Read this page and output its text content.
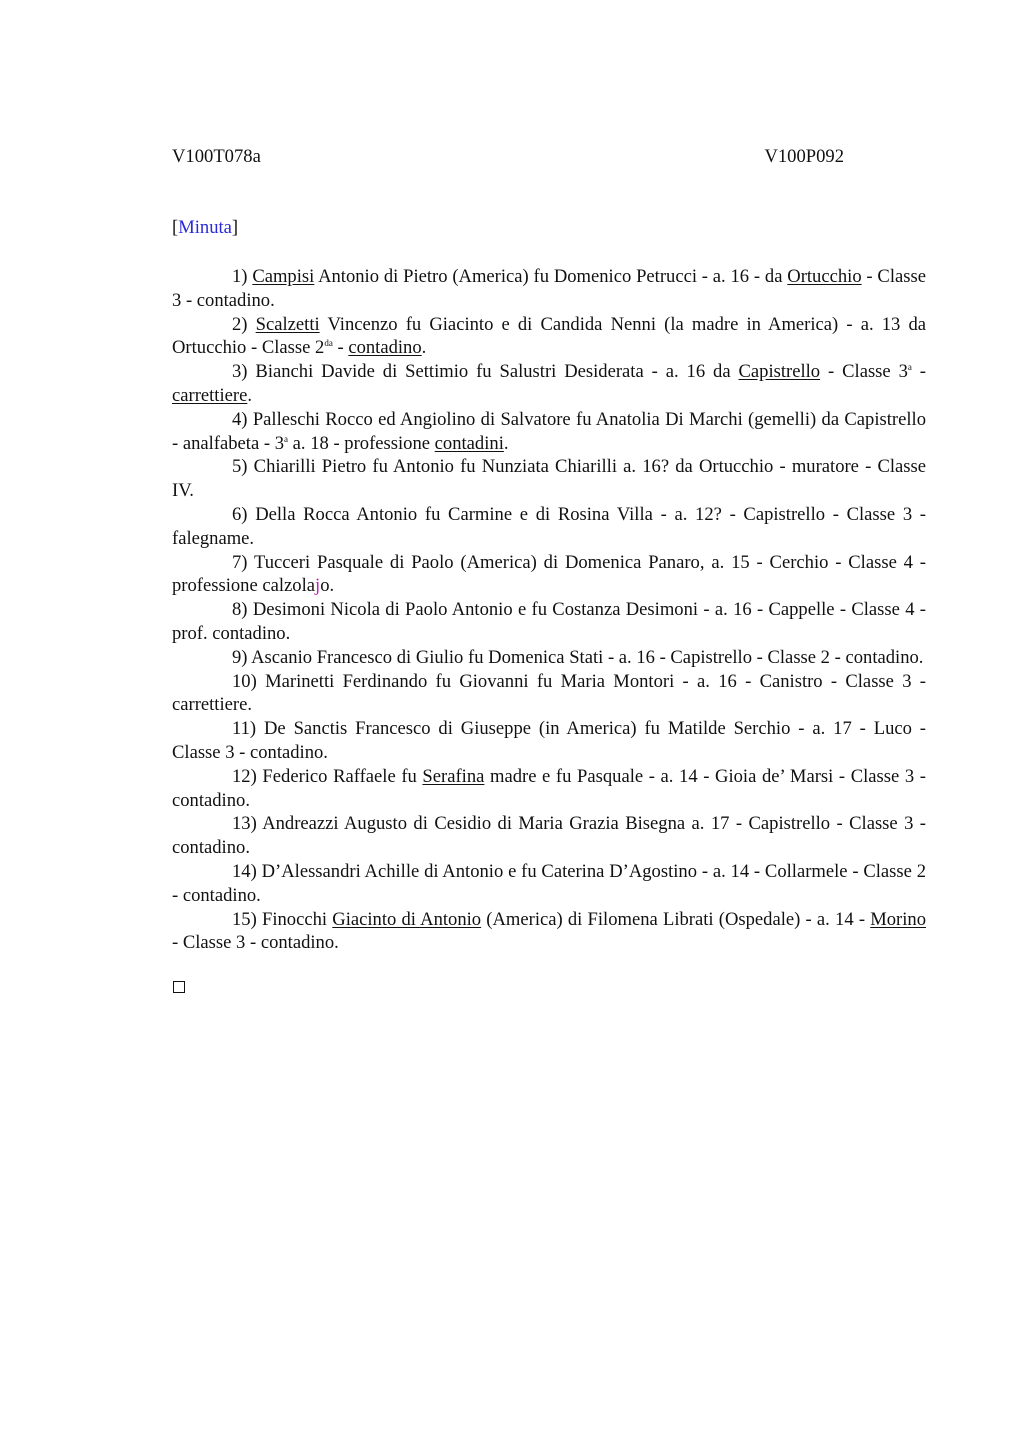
V100T078a	V100P092
[Minuta]

1) Campisi Antonio di Pietro (America) fu Domenico Petrucci - a. 16 - da Ortucchio - Classe 3 - contadino.

2) Scalzetti Vincenzo fu Giacinto e di Candida Nenni (la madre in America) - a. 13 da Ortucchio - Classe $2^{da}$ - contadino.

3) Bianchi Davide di Settimio fu Salustri Desiderata - a. 16 da Capistrello - Classe 3$^a$ - carrettiere.

4) Palleschi Rocco ed Angiolino di Salvatore fu Anatolia Di Marchi (gemelli) da Capistrello - analfabeta - 3$^a$ a. 18 - professione contadini.

5) Chiarilli Pietro fu Antonio fu Nunziata Chiarilli a. 16? da Ortucchio - muratore - Classe IV.

6) Della Rocca Antonio fu Carmine e di Rosina Villa - a. 12? - Capistrello - Classe 3 - falegname.

7) Tucceri Pasquale di Paolo (America) di Domenica Panaro, a. 15 - Cerchio - Classe 4 - professione calzolajo.

8) Desimoni Nicola di Paolo Antonio e fu Costanza Desimoni - a. 16 - Cappelle - Classe 4 - prof. contadino.

9) Ascanio Francesco di Giulio fu Domenica Stati - a. 16 - Capistrello - Classe 2 - contadino.

10) Marinetti Ferdinando fu Giovanni fu Maria Montori - a. 16 - Canistro - Classe 3 - carrettiere.

11) De Sanctis Francesco di Giuseppe (in America) fu Matilde Serchio - a. 17 - Luco - Classe 3 - contadino.

12) Federico Raffaele fu Serafina madre e fu Pasquale - a. 14 - Gioia de’ Marsi - Classe 3 - contadino.

13) Andreazzi Augusto di Cesidio di Maria Grazia Bisegna a. 17 - Capistrello - Classe 3 - contadino.

14) D’Alessandri Achille di Antonio e fu Caterina D’Agostino - a. 14 - Collarmele - Classe 2 - contadino.

15) Finocchi Giacinto di Antonio (America) di Filomena Librati (Ospedale) - a. 14 - Morino - Classe 3 - contadino.
